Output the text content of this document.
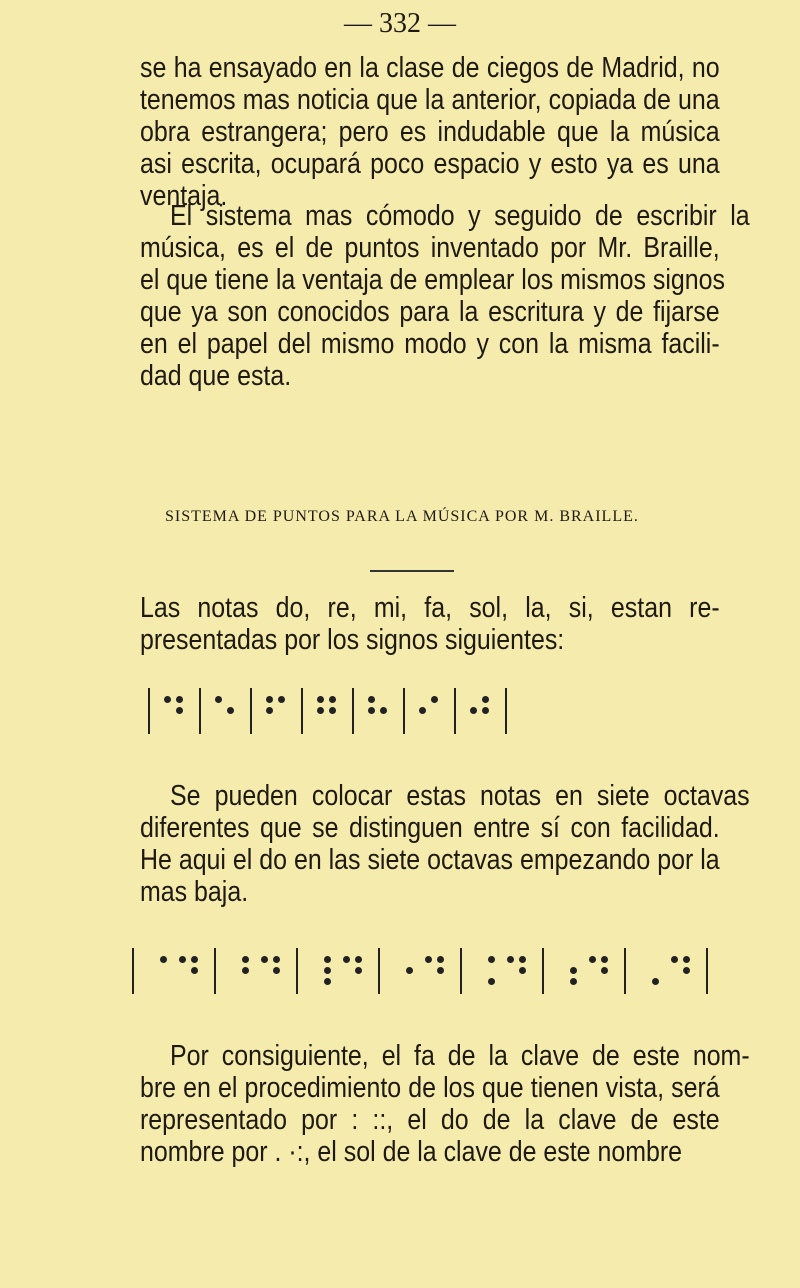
— 332 —
se ha ensayado en la clase de ciegos de Madrid, no
tenemos mas noticia que la anterior, copiada de una
obra estrangera; pero es indudable que la música
asi escrita, ocupará poco espacio y esto ya es una
ventaja.
El sistema mas cómodo y seguido de escribir la
música, es el de puntos inventado por Mr. Braille,
el que tiene la ventaja de emplear los mismos signos
que ya son conocidos para la escritura y de fijarse
en el papel del mismo modo y con la misma facili-
dad que esta.
Las notas do, re, mi, fa, sol, la, si, estan re-
presentadas por los signos siguientes:
Se pueden colocar estas notas en siete octavas
diferentes que se distinguen entre sí con facilidad.
He aqui el do en las siete octavas empezando por la
mas baja.
Por consiguiente, el fa de la clave de este nom-
bre en el procedimiento de los que tienen vista, será
representado por : ::, el do de la clave de este
nombre por . ·:, el sol de la clave de este nombre
SISTEMA DE PUNTOS PARA LA MÚSICA POR M. BRAILLE.
